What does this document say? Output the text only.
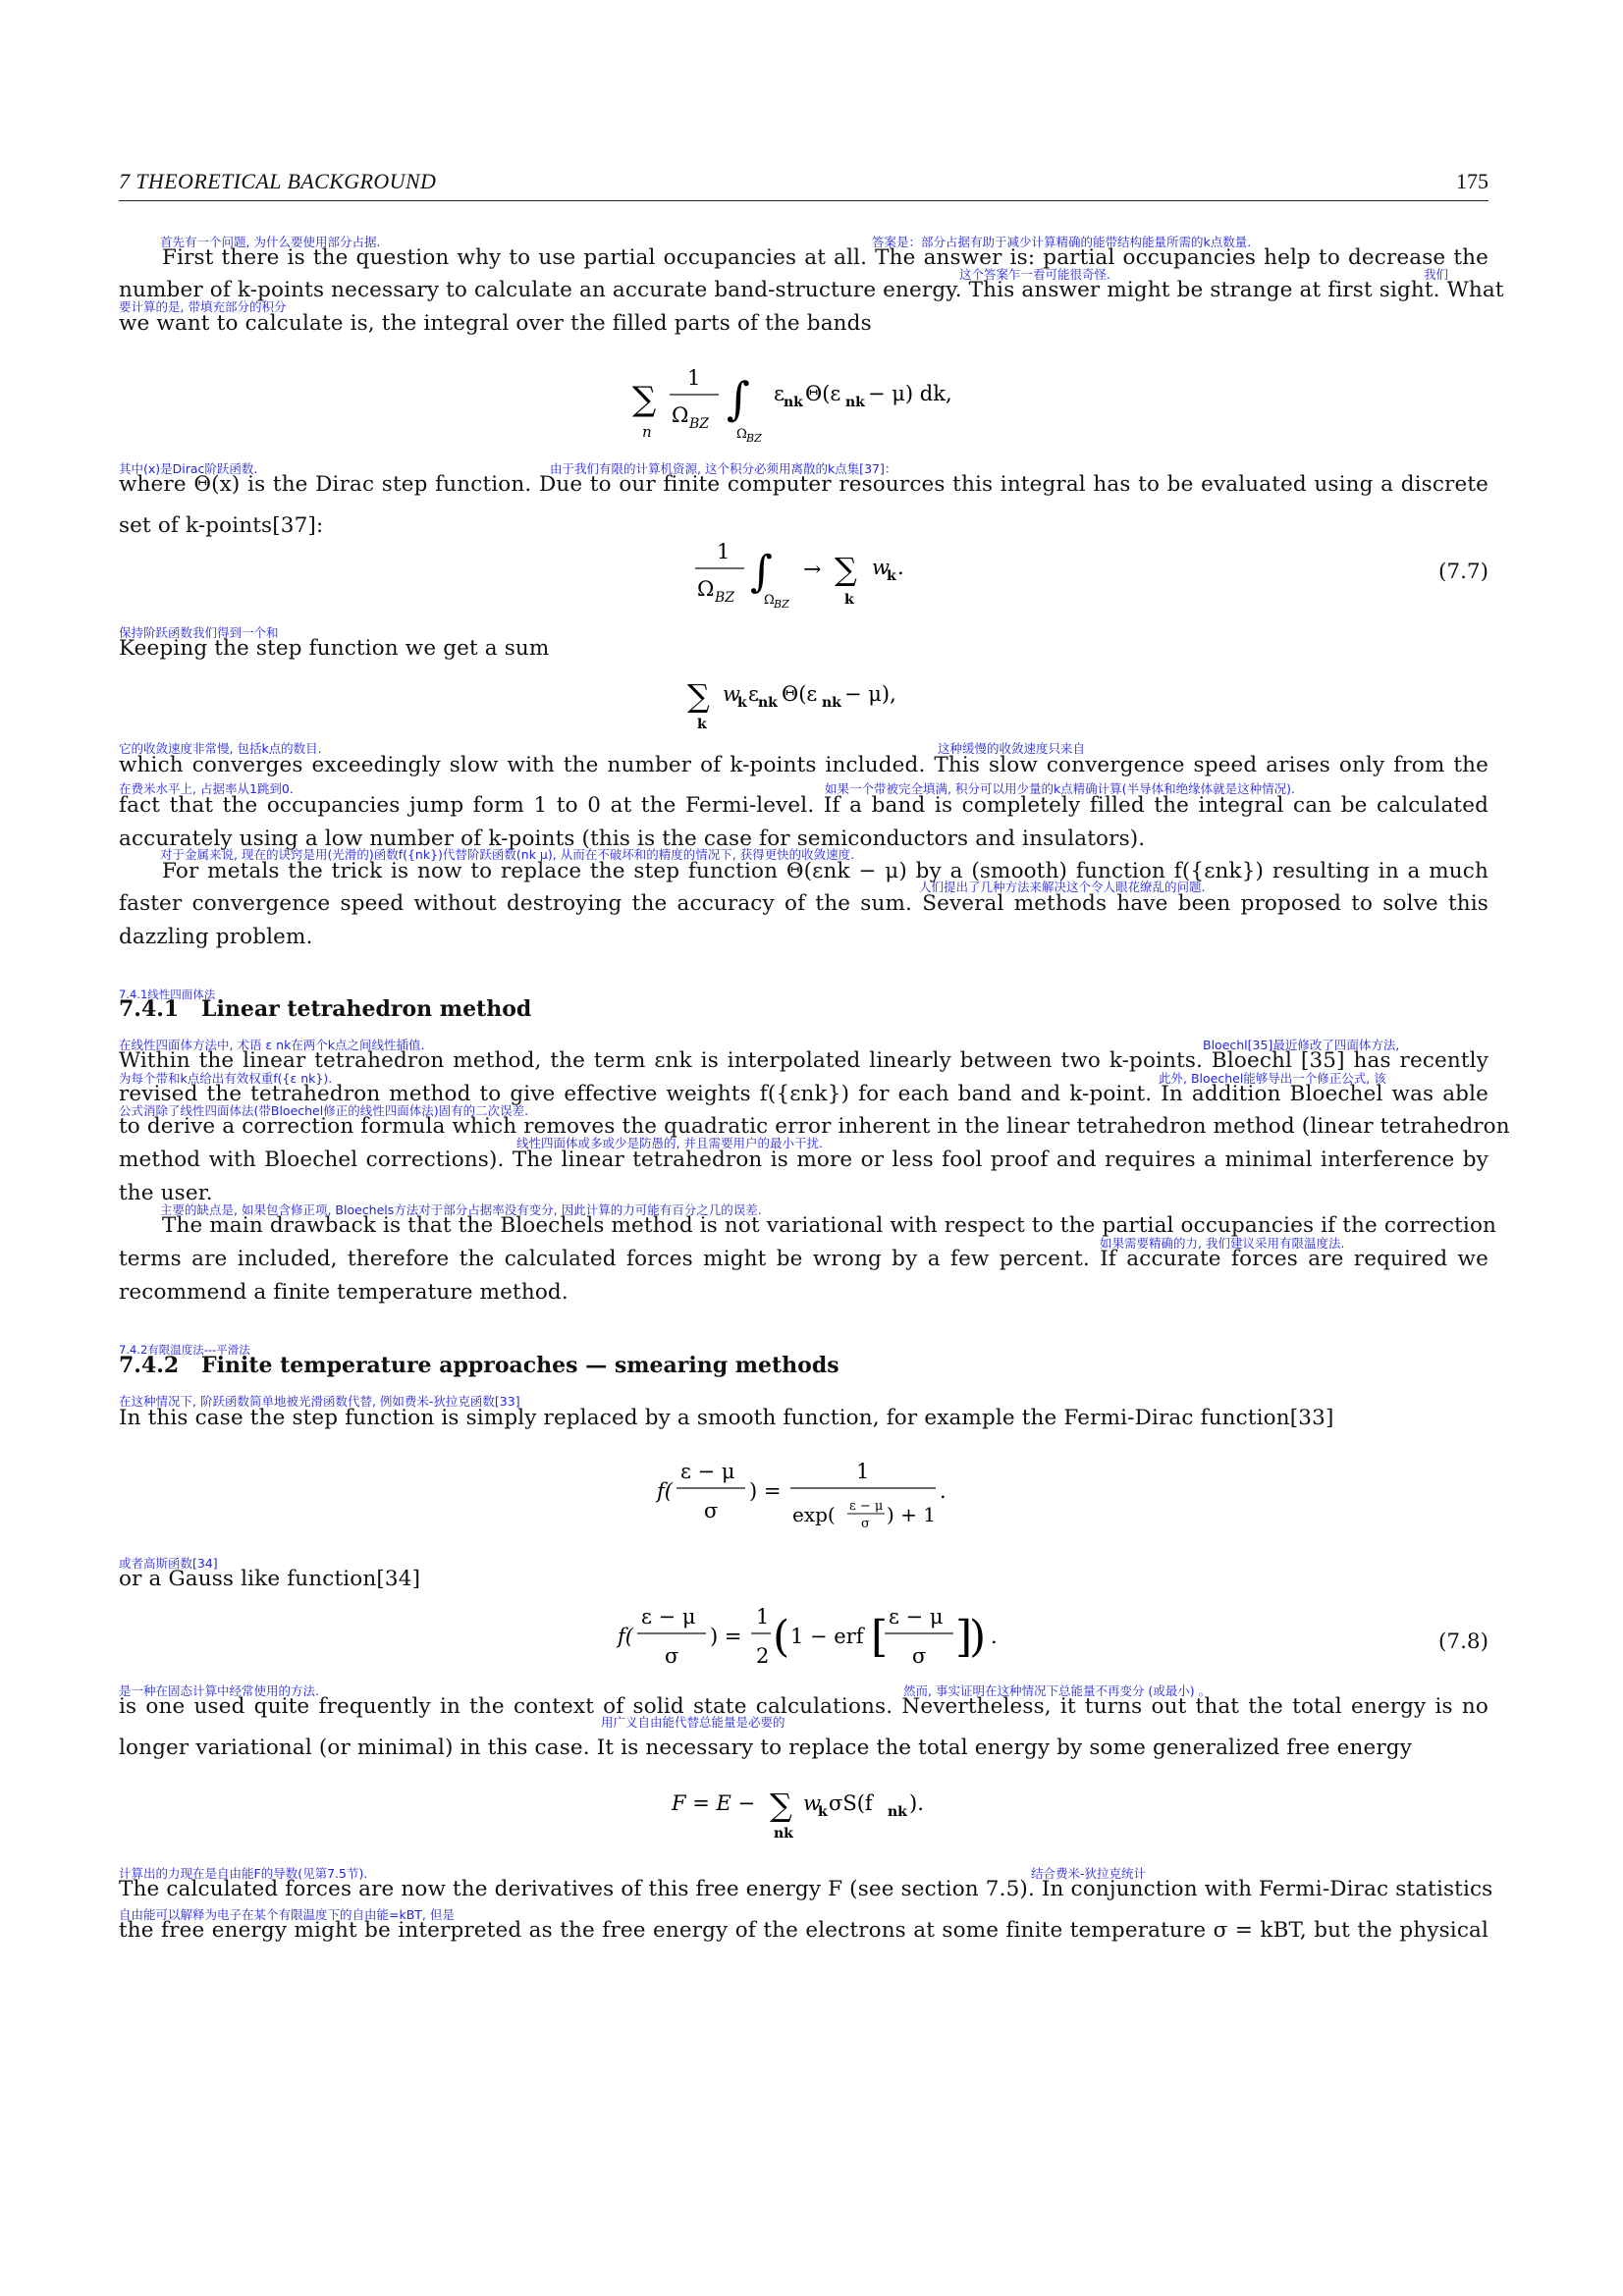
7 THEORETICAL BACKGROUND	175
首先有一个问题, 为什么要使用部分占据.	答案是：部分占据有助于减少计算精确的能带结构能量所需的k点数量.
First there is the question why to use partial occupancies at all. The answer is: partial occupancies help to decrease the
这个答案乍一看可能很奇怪.	我们
number of k-points necessary to calculate an accurate band-structure energy. This answer might be strange at first sight. What
要计算的是, 带填充部分的积分
we want to calculate is, the integral over the filled parts of the bands
∑
n
1
Ω BZ ∫
Ω BZ
ε nk Θ(ε nk − μ) dk,
其中(x)是Dirac阶跃函数.	由于我们有限的计算机资源, 这个积分必须用离散的k点集[37]：
where Θ(x) is the Dirac step function. Due to our finite computer resources this integral has to be evaluated using a discrete
set of k-points[37]:
1
Ω BZ
∫
Ω BZ
→ ∑
k
w
k .	(7.7)
保持阶跃函数我们得到一个和
Keeping the step function we get a sum
∑
k
w
k ε nk Θ(ε nk − μ),
它的收敛速度非常慢, 包括k点的数目.	这种缓慢的收敛速度只来自
which converges exceedingly slow with the number of k-points included. This slow convergence speed arises only from the
在费米水平上, 占据率从1跳到0.	如果一个带被完全填满, 积分可以用少量的k点精确计算(半导体和绝缘体就是这种情况).
fact that the occupancies jump form 1 to 0 at the Fermi-level. If a band is completely filled the integral can be calculated
accurately using a low number of k-points (this is the case for semiconductors and insulators).
对于金属来说, 现在的诀窍是用(光滑的)函数f({nk})代替阶跃函数(nk μ), 从而在不破坏和的精度的情况下, 获得更快的收敛速度.
For metals the trick is now to replace the step function Θ(εnk − μ) by a (smooth) function f({εnk}) resulting in a much
人们提出了几种方法来解决这个令人眼花缭乱的问题.
faster convergence speed without destroying the accuracy of the sum. Several methods have been proposed to solve this
dazzling problem.
7.4.1线性四面体法
7.4.1 Linear tetrahedron method
在线性四面体方法中, 术语 ε nk在两个k点之间线性插值.	Bloechl[35]最近修改了四面体方法,
Within the linear tetrahedron method, the term εnk is interpolated linearly between two k-points. Bloechl [35] has recently
为每个带和k点给出有效权重f({ε nk}).	此外, Bloechel能够导出一个修正公式, 该
revised the tetrahedron method to give effective weights f({εnk}) for each band and k-point. In addition Bloechel was able
公式消除了线性四面体法(带Bloechel修正的线性四面体法)固有的二次误差.
to derive a correction formula which removes the quadratic error inherent in the linear tetrahedron method (linear tetrahedron
线性四面体或多或少是防愚的, 并且需要用户的最小干扰.
method with Bloechel corrections). The linear tetrahedron is more or less fool proof and requires a minimal interference by
the user.
主要的缺点是, 如果包含修正项, Bloechels方法对于部分占据率没有变分, 因此计算的力可能有百分之几的误差.
The main drawback is that the Bloechels method is not variational with respect to the partial occupancies if the correction
如果需要精确的力, 我们建议采用有限温度法.
terms are included, therefore the calculated forces might be wrong by a few percent. If accurate forces are required we
recommend a finite temperature method.
7.4.2有限温度法---平滑法
7.4.2 Finite temperature approaches — smearing methods
在这种情况下, 阶跃函数简单地被光滑函数代替, 例如费米-狄拉克函数[33]
In this case the step function is simply replaced by a smooth function, for example the Fermi-Dirac function[33]
f(
ε − μ
σ
) =
1
exp( ε − μ
σ ) + 1
.
或者高斯函数[34]
or a Gauss like function[34]
f(
ε − μ
σ
) =
1
2 ( 1 − erf [ ε − μ
σ ]
) .	(7.8)
是一种在固态计算中经常使用的方法.	然而, 事实证明在这种情况下总能量不再变分 (或最小) 。
is one used quite frequently in the context of solid state calculations. Nevertheless, it turns out that the total energy is no
用广义自由能代替总能量是必要的
longer variational (or minimal) in this case. It is necessary to replace the total energy by some generalized free energy
F = E − ∑
nk
w
k σS(f nk ).
计算出的力现在是自由能F的导数(见第7.5节).	结合费米-狄拉克统计
The calculated forces are now the derivatives of this free energy F (see section 7.5). In conjunction with Fermi-Dirac statistics
自由能可以解释为电子在某个有限温度下的自由能=kBT, 但是
the free energy might be interpreted as the free energy of the electrons at some finite temperature σ = kBT, but the physical
